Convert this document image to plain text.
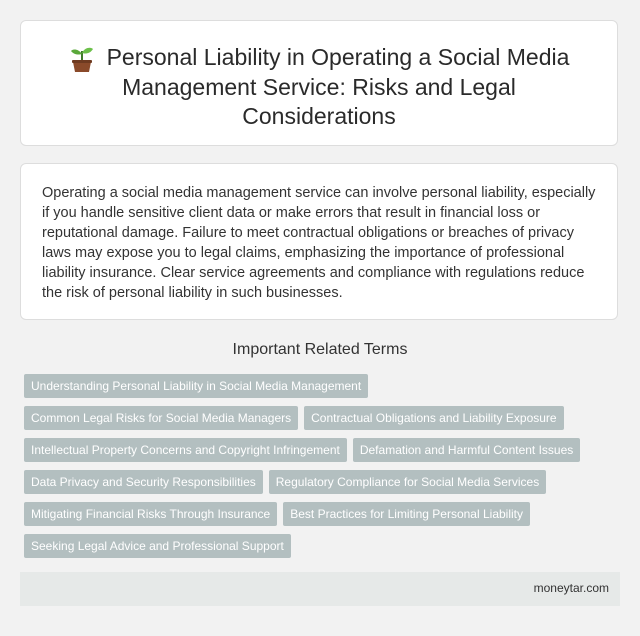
Personal Liability in Operating a Social Media
Management Service: Risks and Legal
Considerations
Operating a social media management service can involve personal liability, especially if you handle sensitive client data or make errors that result in financial loss or reputational damage. Failure to meet contractual obligations or breaches of privacy laws may expose you to legal claims, emphasizing the importance of professional liability insurance. Clear service agreements and compliance with regulations reduce the risk of personal liability in such businesses.
Important Related Terms
Understanding Personal Liability in Social Media Management
Common Legal Risks for Social Media Managers Contractual Obligations and Liability Exposure
Intellectual Property Concerns and Copyright Infringement Defamation and Harmful Content Issues
Data Privacy and Security Responsibilities Regulatory Compliance for Social Media Services
Mitigating Financial Risks Through Insurance Best Practices for Limiting Personal Liability
Seeking Legal Advice and Professional Support
moneytar.com
